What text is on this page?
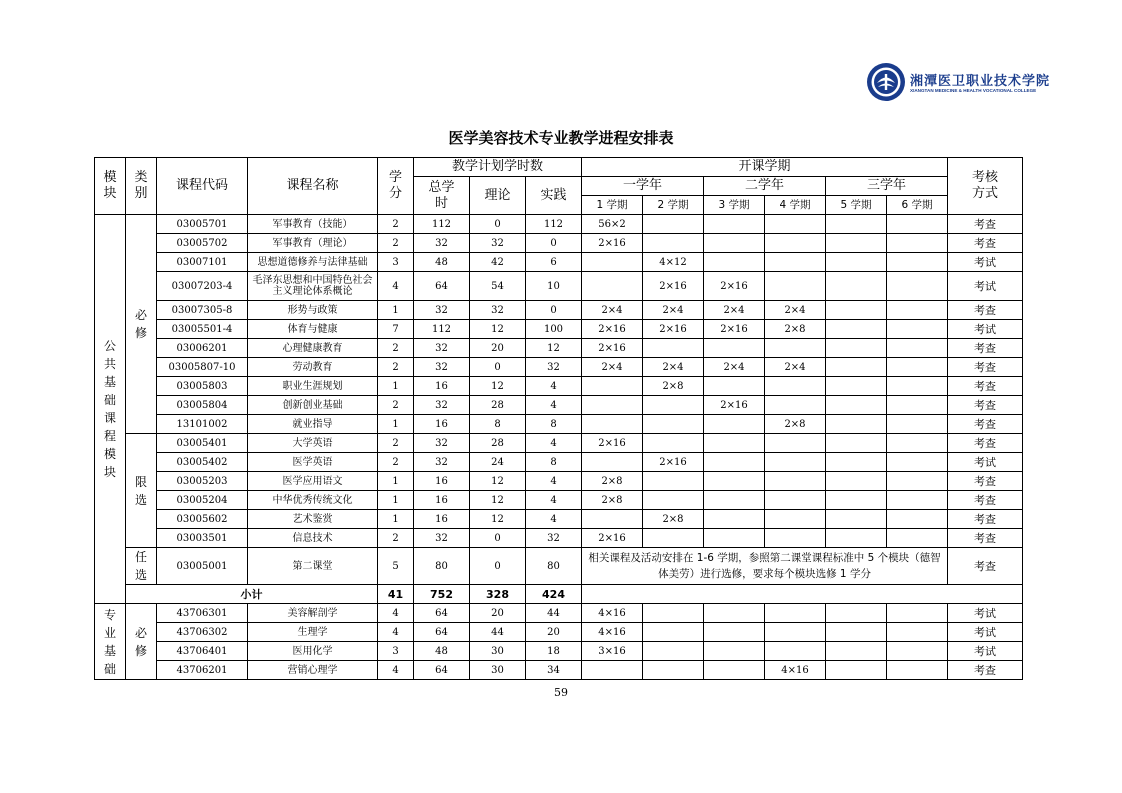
湘潭医卫职业技术学院
XIANGTAN MEDICINE & HEALTH VOCATIONAL COLLEGE
医学美容技术专业教学进程安排表
模块	类别	课程代码	课程名称	学分	教学计划学时数			开课学期						考核方式
					总学时	理论	实践	一学年		二学年		三学年		
								1 学期	2 学期	3 学期	4 学期	5 学期	6 学期	
公共基础课程模块	必修	03005701	军事教育（技能）	2	112	0	112	56×2						考查
		03005702	军事教育（理论）	2	32	32	0	2×16						考查
		03007101	思想道德修养与法律基础	3	48	42	6		4×12					考试
		03007203-4	毛泽东思想和中国特色社会主义理论体系概论	4	64	54	10		2×16	2×16				考试
		03007305-8	形势与政策	1	32	32	0	2×4	2×4	2×4	2×4			考查
		03005501-4	体育与健康	7	112	12	100	2×16	2×16	2×16	2×8			考试
		03006201	心理健康教育	2	32	20	12	2×16						考查
		03005807-10	劳动教育	2	32	0	32	2×4	2×4	2×4	2×4			考查
		03005803	职业生涯规划	1	16	12	4		2×8					考查
		03005804	创新创业基础	2	32	28	4			2×16				考查
		13101002	就业指导	1	16	8	8				2×8			考查
	限选	03005401	大学英语	2	32	28	4	2×16						考查
		03005402	医学英语	2	32	24	8		2×16					考试
		03005203	医学应用语文	1	16	12	4	2×8						考查
		03005204	中华优秀传统文化	1	16	12	4	2×8						考查
		03005602	艺术鉴赏	1	16	12	4		2×8					考查
		03003501	信息技术	2	32	0	32	2×16						考查
	任选	03005001	第二课堂	5	80	0	80	相关课程及活动安排在 1-6 学期，参照第二课堂课程标准中 5 个模块（德智体美劳）进行选修，要求每个模块选修 1 学分						考查
	小计			41	752	328	424							
专业基础	必修	43706301	美容解剖学	4	64	20	44	4×16						考试
		43706302	生理学	4	64	44	20	4×16						考试
		43706401	医用化学	3	48	30	18	3×16						考试
		43706201	营销心理学	4	64	30	34				4×16			考查
59
